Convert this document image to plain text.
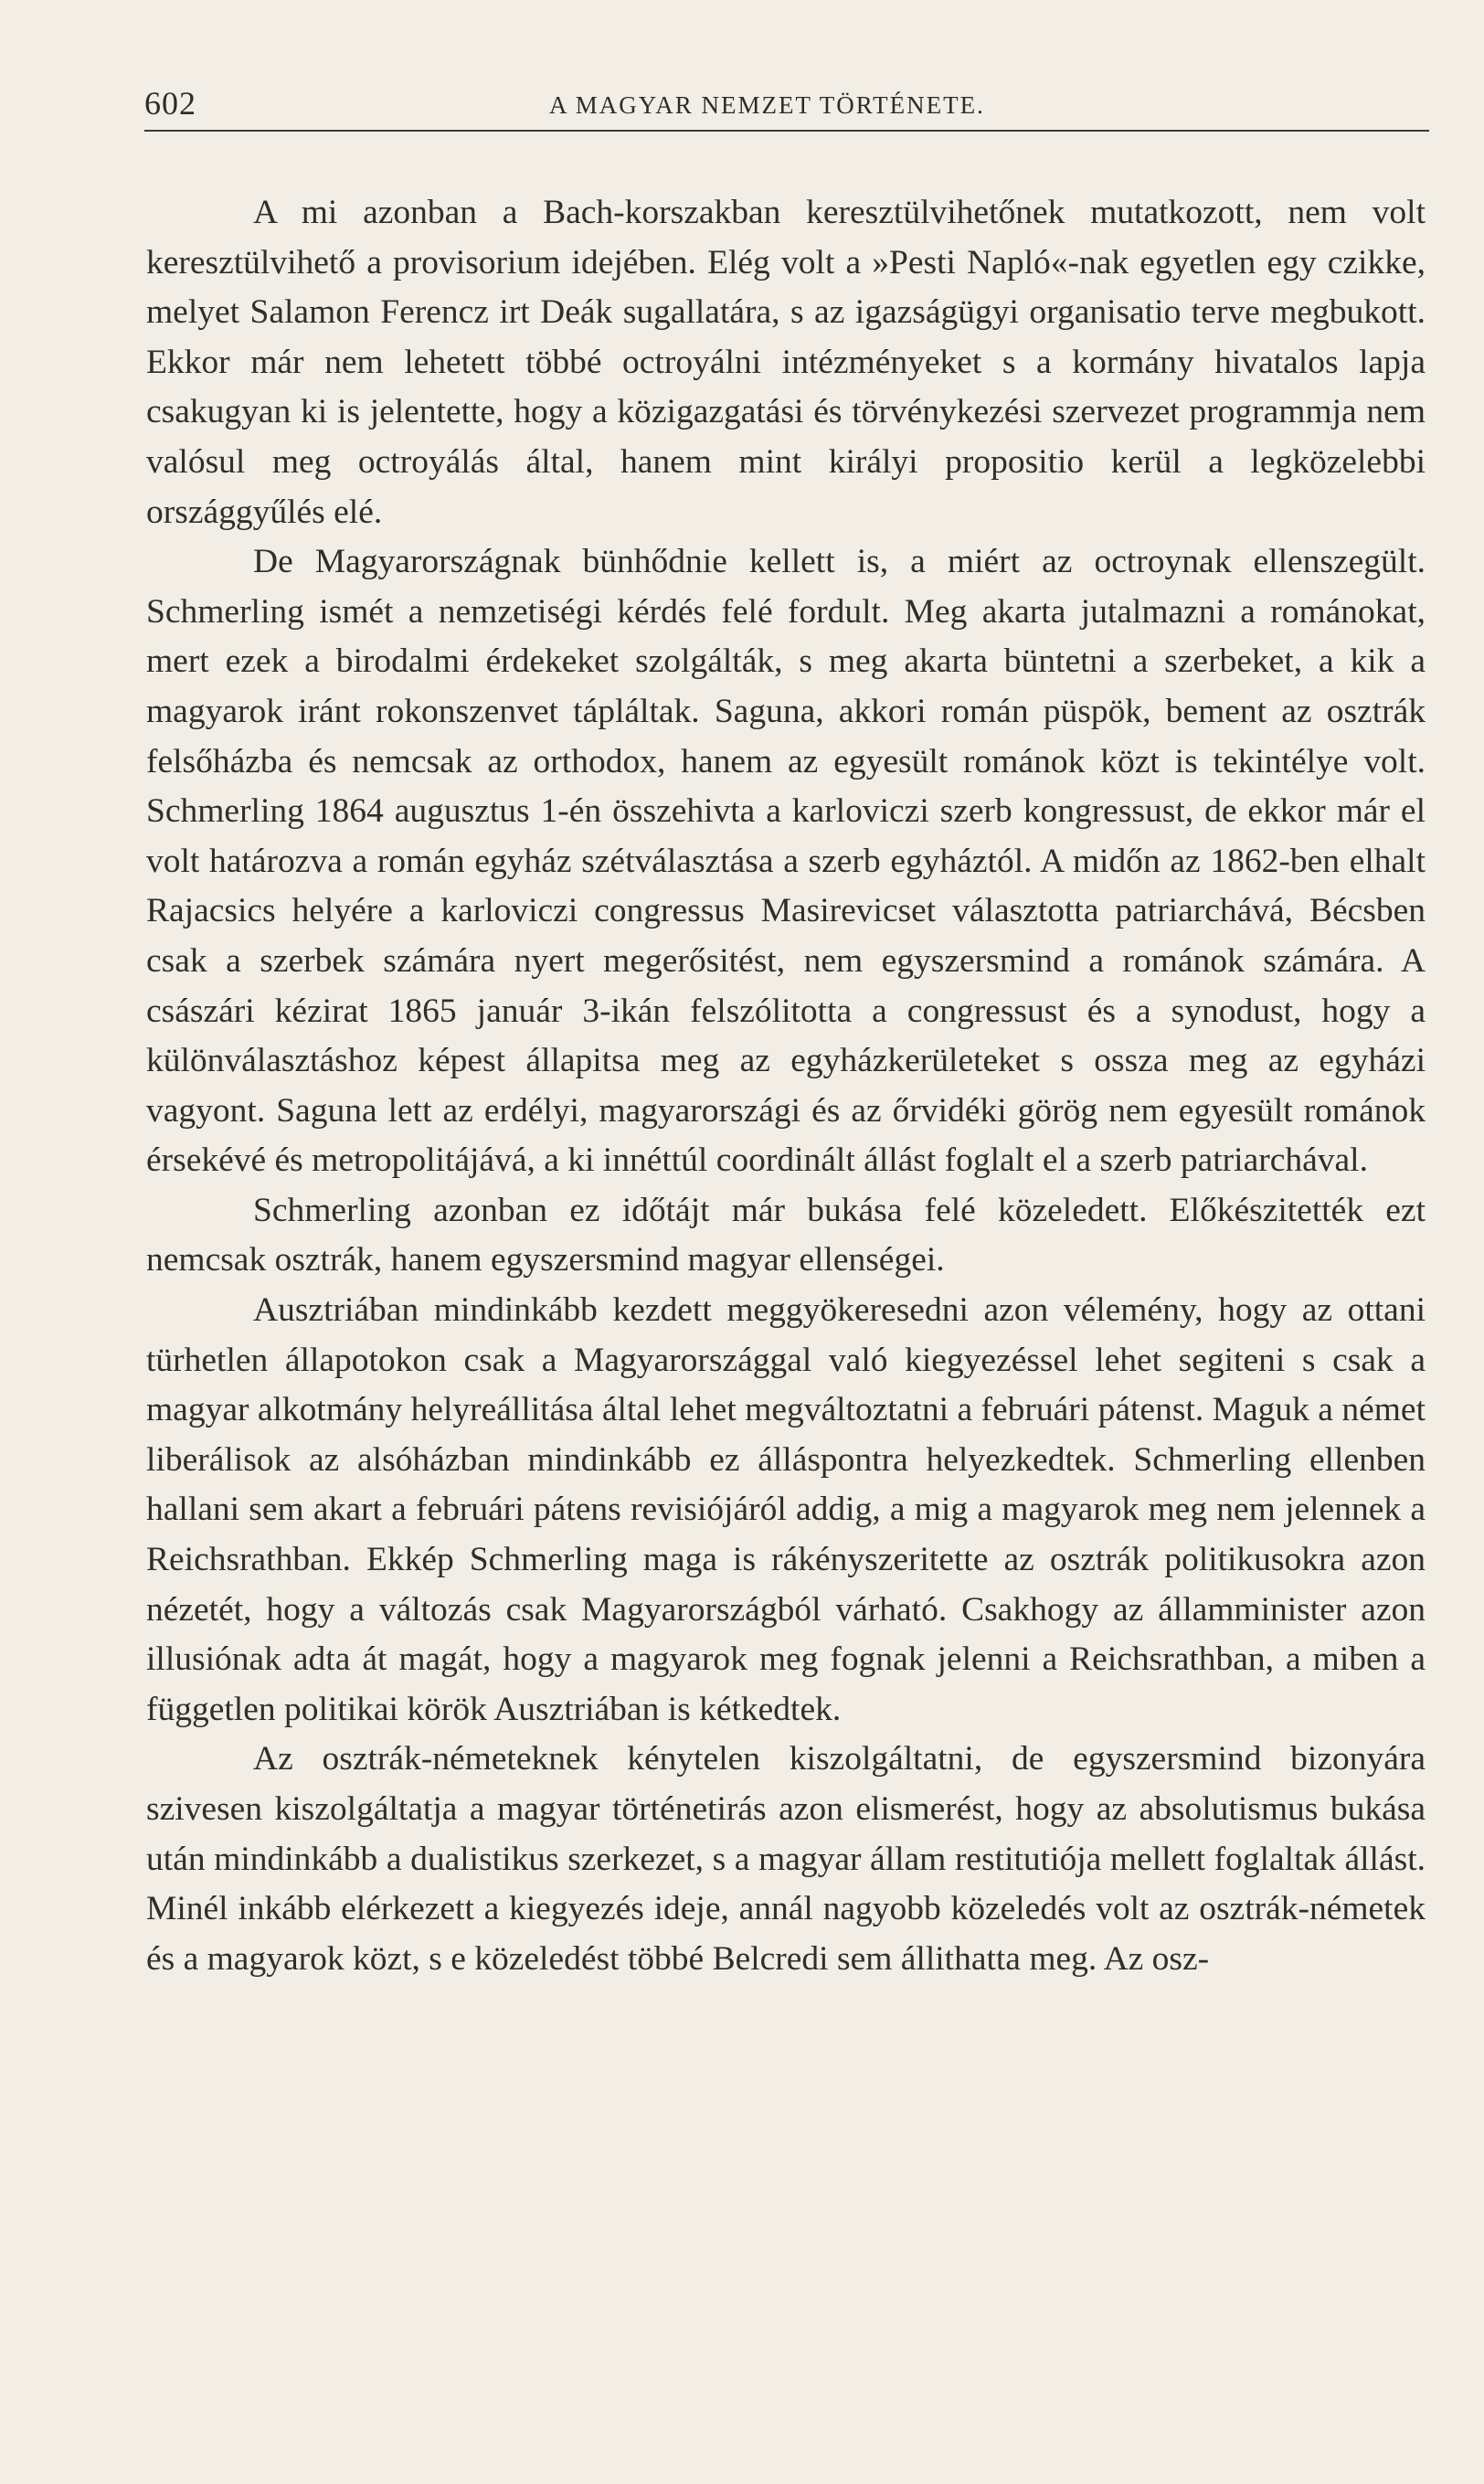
602	A MAGYAR NEMZET TÖRTÉNETE.

A mi azonban a Bach-korszakban keresztülvihetőnek mutatkozott, nem volt keresztülvihető a provisorium idejében. Elég volt a »Pesti Napló«-nak egyetlen egy czikke, melyet Salamon Ferencz irt Deák sugallatára, s az igazságügyi organisatio terve megbukott. Ekkor már nem lehetett többé octroyálni intézményeket s a kormány hivatalos lapja csakugyan ki is jelentette, hogy a közigazgatási és törvénykezési szervezet programmja nem valósul meg octroyálás által, hanem mint királyi propositio kerül a legközelebbi országgyűlés elé.

De Magyarországnak bünhődnie kellett is, a miért az octroynak ellenszegült. Schmerling ismét a nemzetiségi kérdés felé fordult. Meg akarta jutalmazni a románokat, mert ezek a birodalmi érdekeket szolgálták, s meg akarta büntetni a szerbeket, a kik a magyarok iránt rokonszenvet tápláltak. Saguna, akkori román püspök, bement az osztrák felsőházba és nemcsak az orthodox, hanem az egyesült románok közt is tekintélye volt. Schmerling 1864 augusztus 1-én összehivta a karloviczi szerb kongressust, de ekkor már el volt határozva a román egyház szétválasztása a szerb egyháztól. A midőn az 1862-ben elhalt Rajacsics helyére a karloviczi congressus Masirevicset választotta patriarchává, Bécsben csak a szerbek számára nyert megerősitést, nem egyszersmind a románok számára. A császári kézirat 1865 január 3-ikán felszólitotta a congressust és a synodust, hogy a különválasztáshoz képest állapitsa meg az egyházkerületeket s ossza meg az egyházi vagyont. Saguna lett az erdélyi, magyarországi és az őrvidéki görög nem egyesült románok érsekévé és metropolitájává, a ki innéttúl coordinált állást foglalt el a szerb patriarchával.

Schmerling azonban ez időtájt már bukása felé közeledett. Előkészitették ezt nemcsak osztrák, hanem egyszersmind magyar ellenségei.

Ausztriában mindinkább kezdett meggyökeresedni azon vélemény, hogy az ottani türhetlen állapotokon csak a Magyarországgal való kiegyezéssel lehet segiteni s csak a magyar alkotmány helyreállitása által lehet megváltoztatni a februári pátenst. Maguk a német liberálisok az alsóházban mindinkább ez álláspontra helyezkedtek. Schmerling ellenben hallani sem akart a februári pátens revisiójáról addig, a mig a magyarok meg nem jelennek a Reichsrathban. Ekkép Schmerling maga is rákényszeritette az osztrák politikusokra azon nézetét, hogy a változás csak Magyarországból várható. Csakhogy az államminister azon illusiónak adta át magát, hogy a magyarok meg fognak jelenni a Reichsrathban, a miben a független politikai körök Ausztriában is kétkedtek.

Az osztrák-németeknek kénytelen kiszolgáltatni, de egyszersmind bizonyára szivesen kiszolgáltatja a magyar történetirás azon elismerést, hogy az absolutismus bukása után mindinkább a dualistikus szerkezet, s a magyar állam restitutiója mellett foglaltak állást. Minél inkább elérkezett a kiegyezés ideje, annál nagyobb közeledés volt az osztrák-németek és a magyarok közt, s e közeledést többé Belcredi sem állithatta meg. Az osz-
